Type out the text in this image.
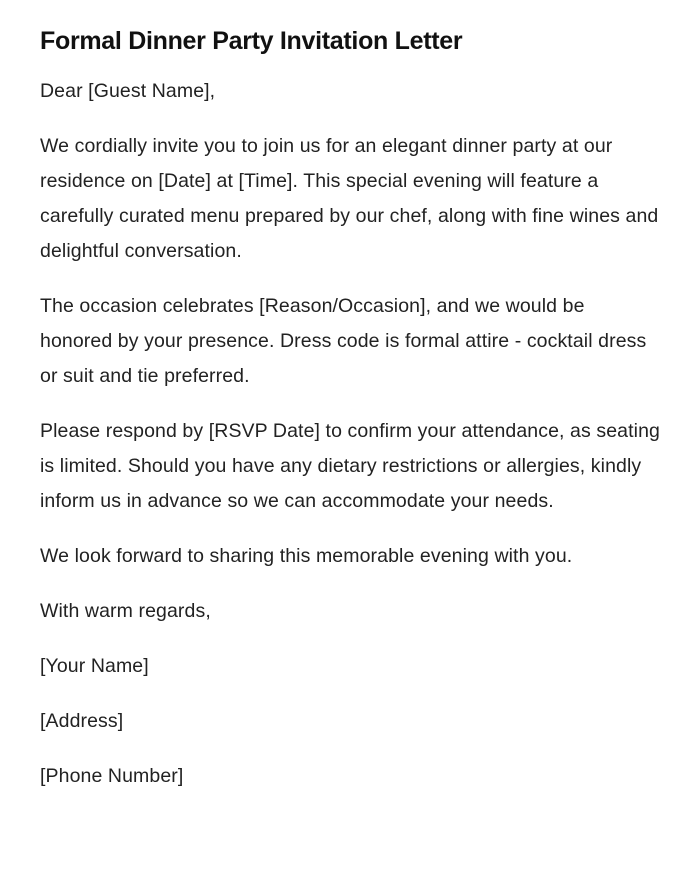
Formal Dinner Party Invitation Letter

Dear [Guest Name],

We cordially invite you to join us for an elegant dinner party at our residence on [Date] at [Time]. This special evening will feature a carefully curated menu prepared by our chef, along with fine wines and delightful conversation.

The occasion celebrates [Reason/Occasion], and we would be honored by your presence. Dress code is formal attire - cocktail dress or suit and tie preferred.

Please respond by [RSVP Date] to confirm your attendance, as seating is limited. Should you have any dietary restrictions or allergies, kindly inform us in advance so we can accommodate your needs.

We look forward to sharing this memorable evening with you.

With warm regards,

[Your Name]

[Address]

[Phone Number]
